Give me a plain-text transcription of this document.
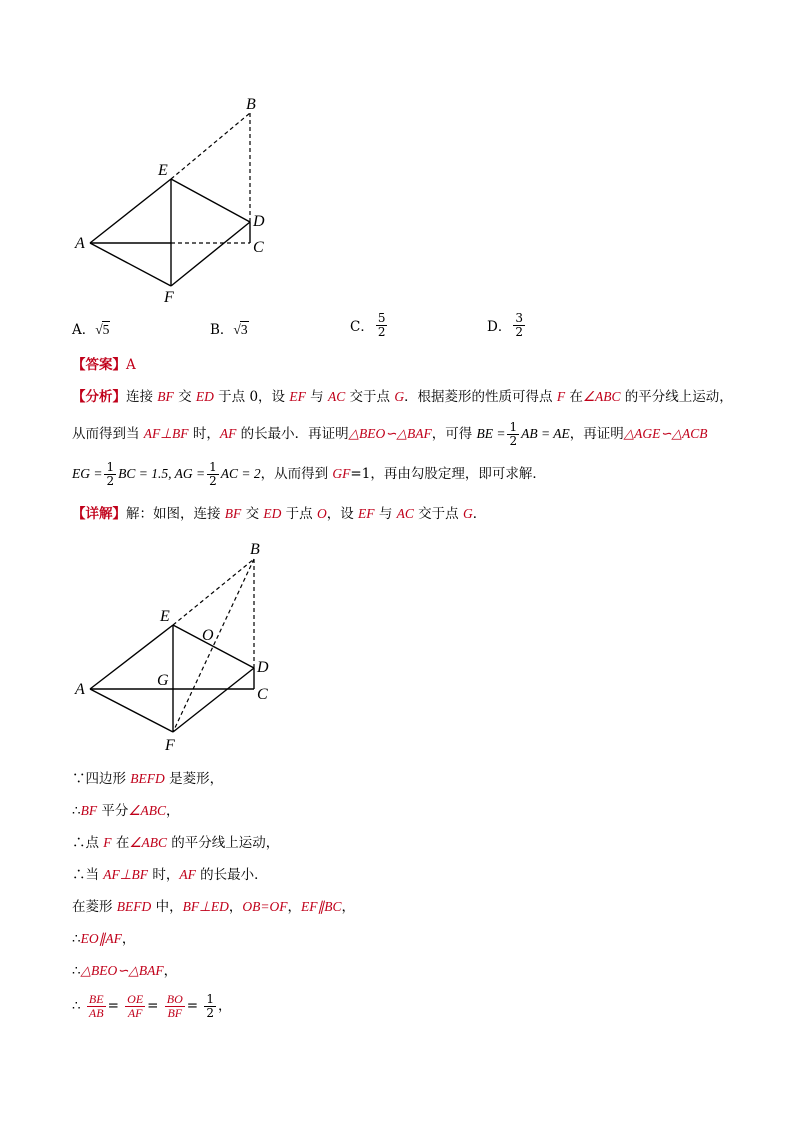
B
E
D
A	C
F
A．√5	B．√3	C． $\frac{5}{2}$	D． $\frac{3}{2}$
【答案】A
【分析】连接 BF 交 ED 于点 0，设 EF 与 AC 交于点 G．根据菱形的性质可得点 F 在∠ABC 的平分线上运动，
从而得到当 AF⊥BF 时，AF 的长最小．再证明△BEO∽△BAF，可得 BE = $\frac{1}{2}$ AB = AE，再证明△AGE∽△ACB
EG = $\frac{1}{2}$ BC = 1.5, AG = $\frac{1}{2}$ AC = 2，从而得到 GF=1，再由勾股定理，即可求解．
【详解】解：如图，连接 BF 交 ED 于点 O，设 EF 与 AC 交于点 G．
B
E
O
D
G
A	C
F
∵四边形 BEFD 是菱形，
∴BF 平分∠ABC，
∴点 F 在∠ABC 的平分线上运动，
∴当 AF⊥BF 时，AF 的长最小．
在菱形 BEFD 中，BF⊥ED，OB=OF，EF∥BC，
∴EO∥AF，
∴△BEO∽△BAF，
∴ $\frac{BE}{AB} = \frac{OE}{AF} = \frac{BO}{BF} = \frac{1}{2}$ ，
